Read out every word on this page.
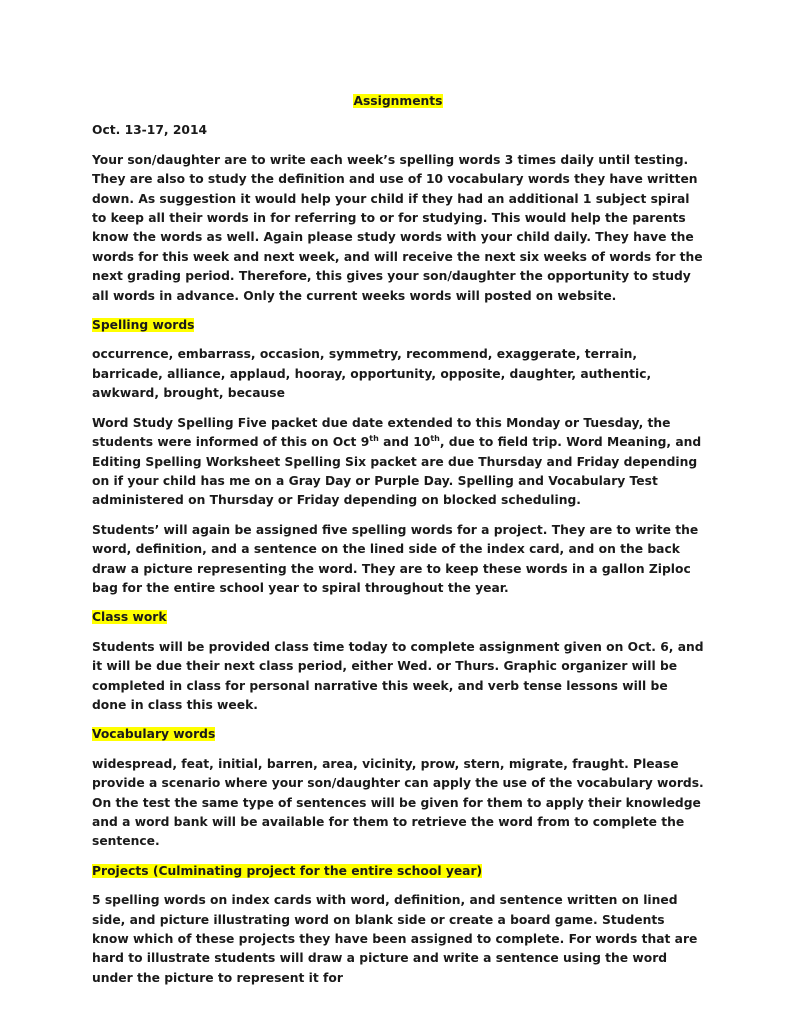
Assignments

Oct. 13-17, 2014

Your son/daughter are to write each week’s spelling words 3 times daily until testing. They are also to study the definition and use of 10 vocabulary words they have written down. As suggestion it would help your child if they had an additional 1 subject spiral to keep all their words in for referring to or for studying. This would help the parents know the words as well. Again please study words with your child daily. They have the words for this week and next week, and will receive the next six weeks of words for the next grading period. Therefore, this gives your son/daughter the opportunity to study all words in advance. Only the current weeks words will posted on website.

Spelling words

occurrence, embarrass, occasion, symmetry, recommend, exaggerate, terrain, barricade, alliance, applaud, hooray, opportunity, opposite, daughter, authentic, awkward, brought, because

Word Study Spelling Five packet due date extended to this Monday or Tuesday, the students were informed of this on Oct 9th and 10th, due to field trip. Word Meaning, and Editing Spelling Worksheet Spelling Six packet are due Thursday and Friday depending on if your child has me on a Gray Day or Purple Day. Spelling and Vocabulary Test administered on Thursday or Friday depending on blocked scheduling.

Students’ will again be assigned five spelling words for a project. They are to write the word, definition, and a sentence on the lined side of the index card, and on the back draw a picture representing the word. They are to keep these words in a gallon Ziploc bag for the entire school year to spiral throughout the year.

Class work

Students will be provided class time today to complete assignment given on Oct. 6, and it will be due their next class period, either Wed. or Thurs. Graphic organizer will be completed in class for personal narrative this week, and verb tense lessons will be done in class this week.

Vocabulary words

widespread, feat, initial, barren, area, vicinity, prow, stern, migrate, fraught. Please provide a scenario where your son/daughter can apply the use of the vocabulary words. On the test the same type of sentences will be given for them to apply their knowledge and a word bank will be available for them to retrieve the word from to complete the sentence.

Projects (Culminating project for the entire school year)

5 spelling words on index cards with word, definition, and sentence written on lined side, and picture illustrating word on blank side or create a board game. Students know which of these projects they have been assigned to complete. For words that are hard to illustrate students will draw a picture and write a sentence using the word under the picture to represent it for
